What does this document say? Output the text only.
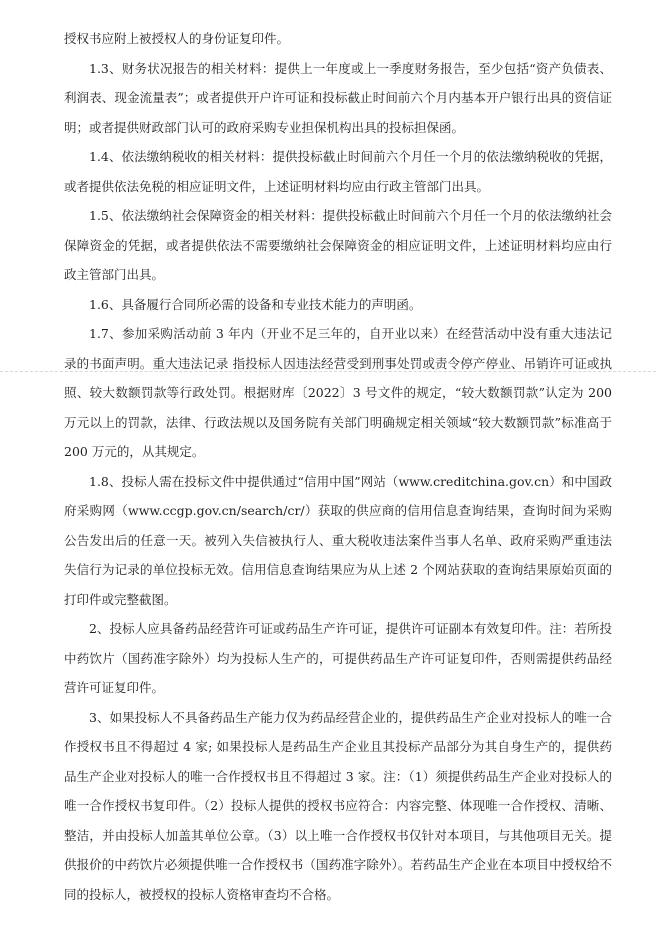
授权书应附上被授权人的身份证复印件。

1.3、财务状况报告的相关材料：提供上一年度或上一季度财务报告，至少包括“资产负债表、利润表、现金流量表”；或者提供开户许可证和投标截止时间前六个月内基本开户银行出具的资信证明；或者提供财政部门认可的政府采购专业担保机构出具的投标担保函。

1.4、依法缴纳税收的相关材料：提供投标截止时间前六个月任一个月的依法缴纳税收的凭据，或者提供依法免税的相应证明文件，上述证明材料均应由行政主管部门出具。

1.5、依法缴纳社会保障资金的相关材料：提供投标截止时间前六个月任一个月的依法缴纳社会保障资金的凭据，或者提供依法不需要缴纳社会保障资金的相应证明文件，上述证明材料均应由行政主管部门出具。

1.6、具备履行合同所必需的设备和专业技术能力的声明函。

1.7、参加采购活动前 3 年内（开业不足三年的，自开业以来）在经营活动中没有重大违法记录的书面声明。重大违法记录 指投标人因违法经营受到刑事处罚或责令停产停业、吊销许可证或执照、较大数额罚款等行政处罚。根据财库〔2022〕3 号文件的规定，“较大数额罚款”认定为 200 万元以上的罚款，法律、行政法规以及国务院有关部门明确规定相关领域“较大数额罚款”标准高于 200 万元的，从其规定。

1.8、投标人需在投标文件中提供通过“信用中国”网站（www.creditchina.gov.cn）和中国政府采购网（www.ccgp.gov.cn/search/cr/）获取的供应商的信用信息查询结果，查询时间为采购公告发出后的任意一天。被列入失信被执行人、重大税收违法案件当事人名单、政府采购严重违法失信行为记录的单位投标无效。信用信息查询结果应为从上述 2 个网站获取的查询结果原始页面的打印件或完整截图。

2、投标人应具备药品经营许可证或药品生产许可证，提供许可证副本有效复印件。注：若所投中药饮片（国药准字除外）均为投标人生产的，可提供药品生产许可证复印件，否则需提供药品经营许可证复印件。

3、如果投标人不具备药品生产能力仅为药品经营企业的，提供药品生产企业对投标人的唯一合作授权书且不得超过 4 家; 如果投标人是药品生产企业且其投标产品部分为其自身生产的，提供药品生产企业对投标人的唯一合作授权书且不得超过 3 家。注：（1）须提供药品生产企业对投标人的唯一合作授权书复印件。（2）投标人提供的授权书应符合：内容完整、体现唯一合作授权、清晰、整洁，并由投标人加盖其单位公章。（3）以上唯一合作授权书仅针对本项目，与其他项目无关。提供报价的中药饮片必须提供唯一合作授权书（国药准字除外）。若药品生产企业在本项目中授权给不同的投标人，被授权的投标人资格审查均不合格。
